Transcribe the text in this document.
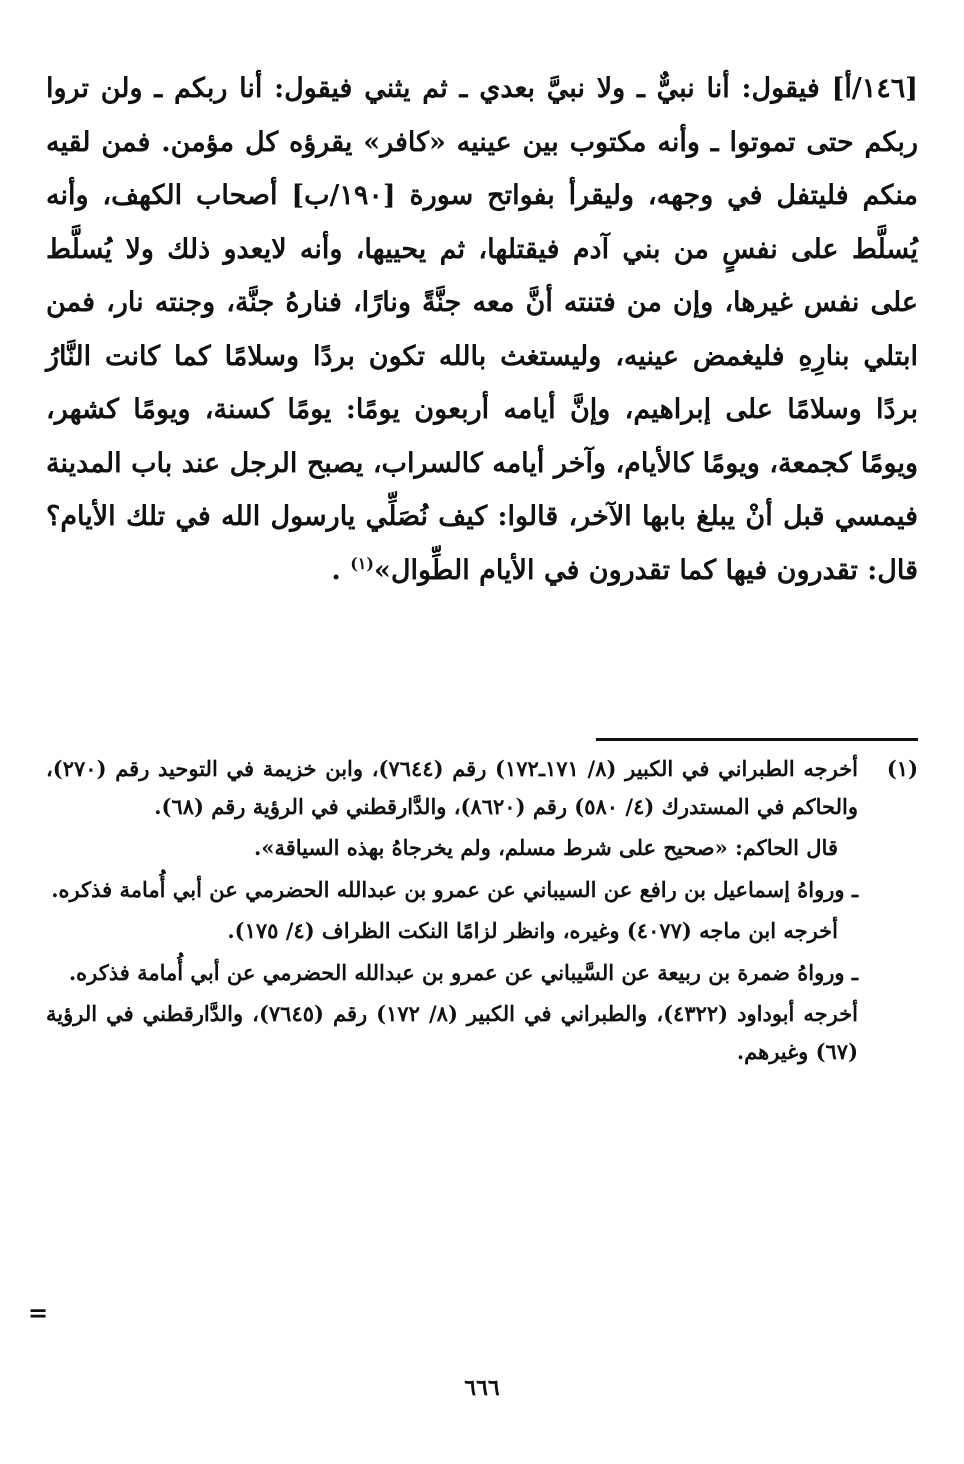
[١٤٦/أ] فيقول: أنا نبيٌّ ـ ولا نبيَّ بعدي ـ ثم يثني فيقول: أنا ربكم ـ ولن تروا ربكم حتى تموتوا ـ وأنه مكتوب بين عينيه «كافر» يقرؤه كل مؤمن. فمن لقيه منكم فليتفل في وجهه، وليقرأ بفواتح سورة [١٩٠/ب] أصحاب الكهف، وأنه يُسلَّط على نفسٍ من بني آدم فيقتلها، ثم يحييها، وأنه لايعدو ذلك ولا يُسلَّط على نفس غيرها، وإن من فتنته أنَّ معه جنَّةً ونارًا، فنارهُ جنَّة، وجنته نار، فمن ابتلي بنارِهِ فليغمض عينيه، وليستغث بالله تكون بردًا وسلامًا كما كانت النَّارُ بردًا وسلامًا على إبراهيم، وإنَّ أيامه أربعون يومًا: يومًا كسنة، ويومًا كشهر، ويومًا كجمعة، ويومًا كالأيام، وآخر أيامه كالسراب، يصبح الرجل عند باب المدينة فيمسي قبل أنْ يبلغ بابها الآخر، قالوا: كيف نُصَلِّي يارسول الله في تلك الأيام؟ قال: تقدرون فيها كما تقدرون في الأيام الطِّوال»$^{(١)}$ .

(١)

أخرجه الطبراني في الكبير (٨/ ١٧١ـ١٧٢) رقم (٧٦٤٤)، وابن خزيمة في التوحيد رقم (٢٧٠)، والحاكم في المستدرك (٤/ ٥٨٠) رقم (٨٦٢٠)، والدَّارقطني في الرؤية رقم (٦٨).

قال الحاكم: «صحيح على شرط مسلم، ولم يخرجاهُ بهذه السياقة».

ـ ورواهُ إسماعيل بن رافع عن السيباني عن عمرو بن عبدالله الحضرمي عن أبي أُمامة فذكره.

أخرجه ابن ماجه (٤٠٧٧) وغيره، وانظر لزامًا النكت الظراف (٤/ ١٧٥).

ـ ورواهُ ضمرة بن ربيعة عن السَّيباني عن عمرو بن عبدالله الحضرمي عن أبي أُمامة فذكره.

أخرجه أبوداود (٤٣٢٢)، والطبراني في الكبير (٨/ ١٧٢) رقم (٧٦٤٥)، والدَّارقطني في الرؤية (٦٧) وغيرهم.

=
٦٦٦
